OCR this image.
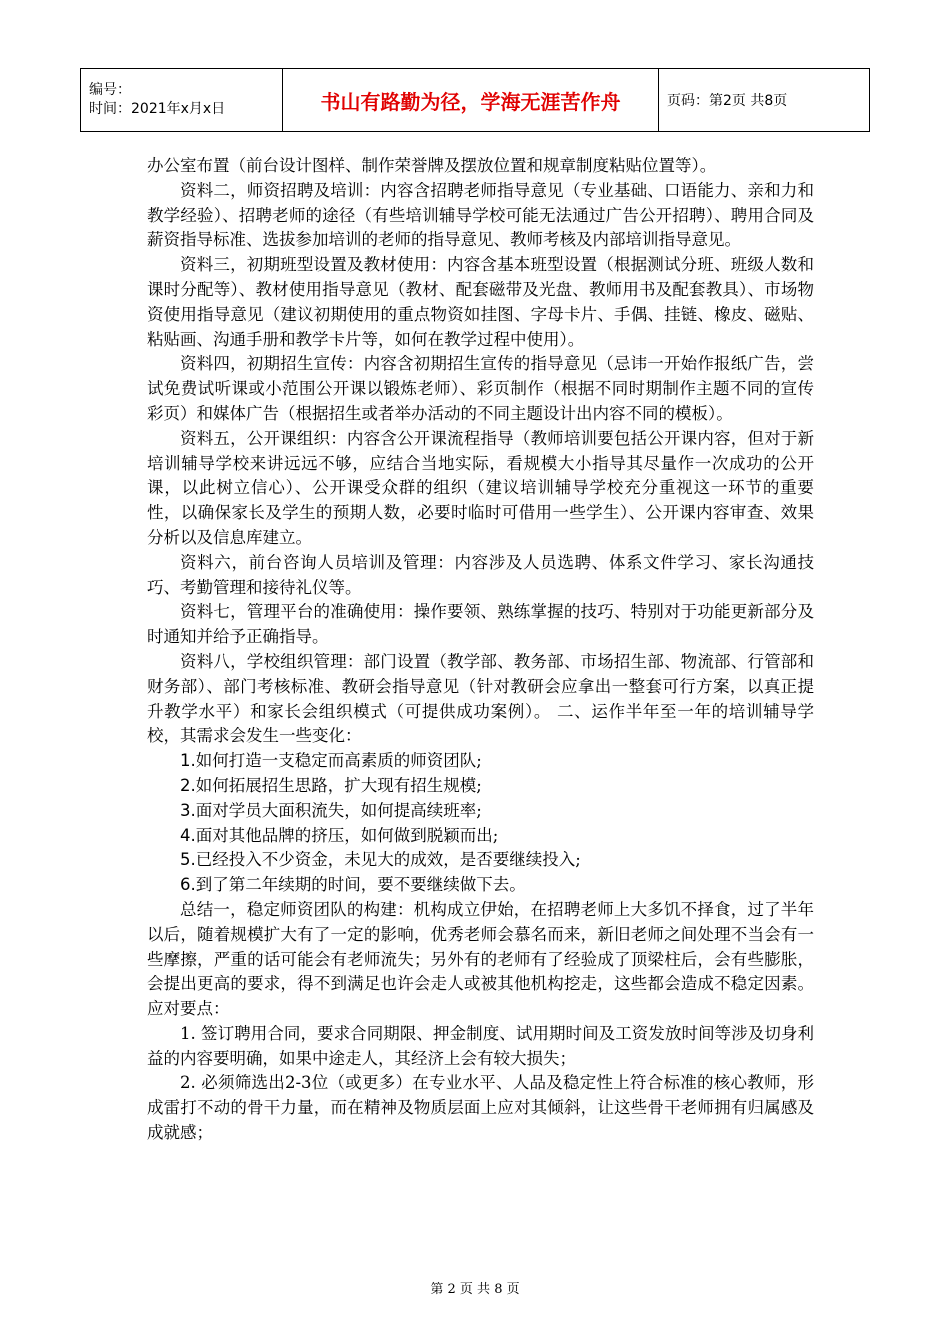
编号：
时间：2021年x月x日	书山有路勤为径，学海无涯苦作舟	页码：第2页 共8页

办公室布置（前台设计图样、制作荣誉牌及摆放位置和规章制度粘贴位置等）。

资料二，师资招聘及培训：内容含招聘老师指导意见（专业基础、口语能力、亲和力和教学经验）、招聘老师的途径（有些培训辅导学校可能无法通过广告公开招聘）、聘用合同及薪资指导标准、选拔参加培训的老师的指导意见、教师考核及内部培训指导意见。

资料三，初期班型设置及教材使用：内容含基本班型设置（根据测试分班、班级人数和课时分配等）、教材使用指导意见（教材、配套磁带及光盘、教师用书及配套教具）、市场物资使用指导意见（建议初期使用的重点物资如挂图、字母卡片、手偶、挂链、橡皮、磁贴、粘贴画、沟通手册和教学卡片等，如何在教学过程中使用）。

资料四，初期招生宣传：内容含初期招生宣传的指导意见（忌讳一开始作报纸广告，尝试免费试听课或小范围公开课以锻炼老师）、彩页制作（根据不同时期制作主题不同的宣传彩页）和媒体广告（根据招生或者举办活动的不同主题设计出内容不同的模板）。

资料五，公开课组织：内容含公开课流程指导（教师培训要包括公开课内容，但对于新培训辅导学校来讲远远不够，应结合当地实际，看规模大小指导其尽量作一次成功的公开课，以此树立信心）、公开课受众群的组织（建议培训辅导学校充分重视这一环节的重要性，以确保家长及学生的预期人数，必要时临时可借用一些学生）、公开课内容审查、效果分析以及信息库建立。

资料六，前台咨询人员培训及管理：内容涉及人员选聘、体系文件学习、家长沟通技巧、考勤管理和接待礼仪等。

资料七，管理平台的准确使用：操作要领、熟练掌握的技巧、特别对于功能更新部分及时通知并给予正确指导。

资料八，学校组织管理：部门设置（教学部、教务部、市场招生部、物流部、行管部和财务部）、部门考核标准、教研会指导意见（针对教研会应拿出一整套可行方案，以真正提升教学水平）和家长会组织模式（可提供成功案例）。 二、运作半年至一年的培训辅导学校，其需求会发生一些变化：

1.如何打造一支稳定而高素质的师资团队;

2.如何拓展招生思路，扩大现有招生规模;

3.面对学员大面积流失，如何提高续班率;

4.面对其他品牌的挤压，如何做到脱颖而出;

5.已经投入不少资金，未见大的成效，是否要继续投入;

6.到了第二年续期的时间，要不要继续做下去。

总结一，稳定师资团队的构建：机构成立伊始，在招聘老师上大多饥不择食，过了半年以后，随着规模扩大有了一定的影响，优秀老师会慕名而来，新旧老师之间处理不当会有一些摩擦，严重的话可能会有老师流失；另外有的老师有了经验成了顶梁柱后，会有些膨胀，会提出更高的要求，得不到满足也许会走人或被其他机构挖走，这些都会造成不稳定因素。应对要点：

1. 签订聘用合同，要求合同期限、押金制度、试用期时间及工资发放时间等涉及切身利益的内容要明确，如果中途走人，其经济上会有较大损失；

2. 必须筛选出2-3位（或更多）在专业水平、人品及稳定性上符合标准的核心教师，形成雷打不动的骨干力量，而在精神及物质层面上应对其倾斜，让这些骨干老师拥有归属感及成就感；

第 2 页 共 8 页
